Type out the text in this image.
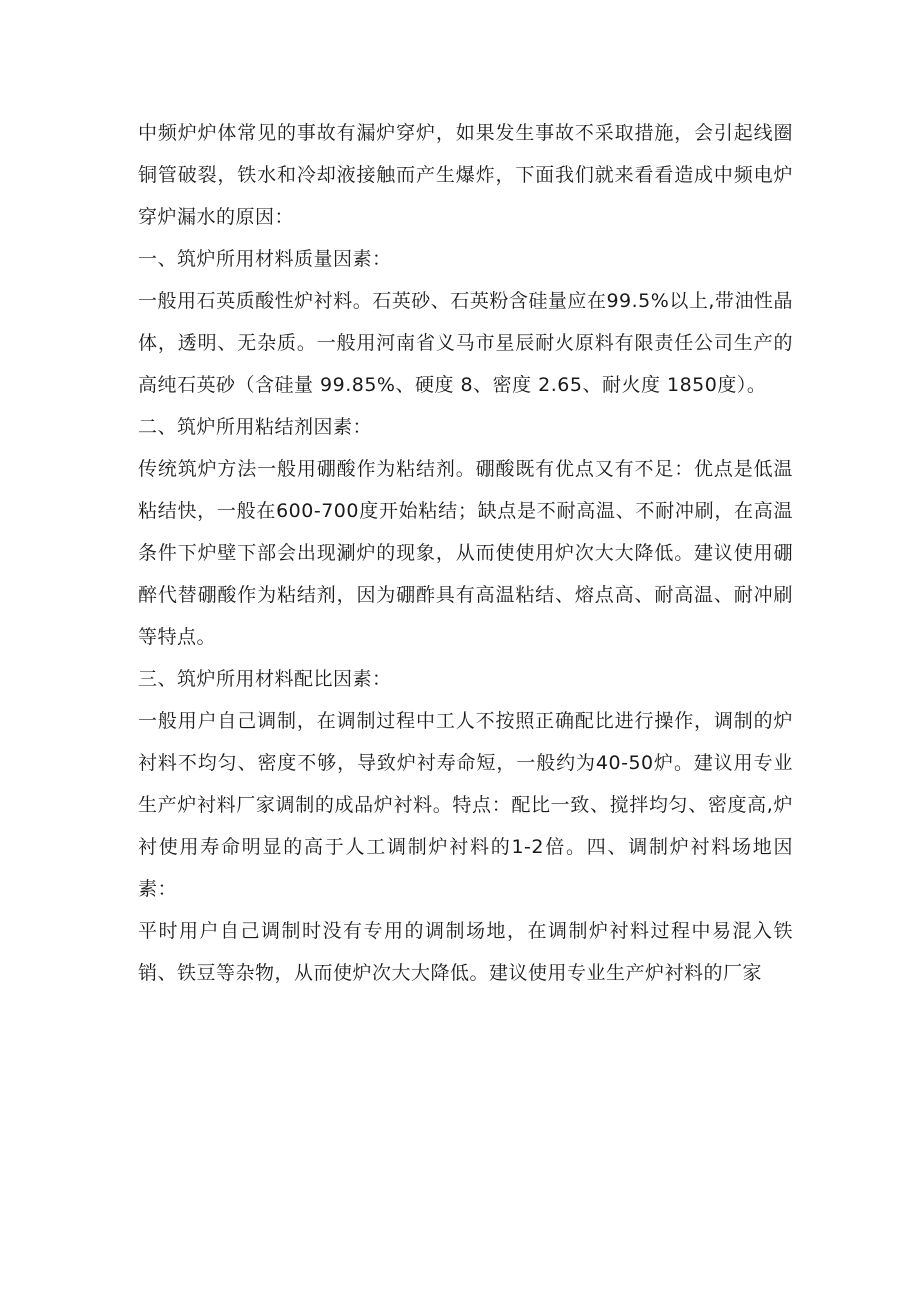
中频炉炉体常见的事故有漏炉穿炉，如果发生事故不采取措施，会引起线圈铜管破裂，铁水和冷却液接触而产生爆炸，下面我们就来看看造成中频电炉穿炉漏水的原因：

一、筑炉所用材料质量因素：

一般用石英质酸性炉衬料。石英砂、石英粉含硅量应在99.5%以上,带油性晶体，透明、无杂质。一般用河南省义马市星辰耐火原料有限责任公司生产的高纯石英砂（含硅量 99.85%、硬度 8、密度 2.65、耐火度 1850度）。

二、筑炉所用粘结剂因素：

传统筑炉方法一般用硼酸作为粘结剂。硼酸既有优点又有不足：优点是低温粘结快，一般在600-700度开始粘结；缺点是不耐高温、不耐冲刷，在高温条件下炉壁下部会出现涮炉的现象，从而使使用炉次大大降低。建议使用硼醉代替硼酸作为粘结剂，因为硼酢具有高温粘结、熔点高、耐高温、耐冲刷等特点。

三、筑炉所用材料配比因素：

一般用户自己调制，在调制过程中工人不按照正确配比进行操作，调制的炉衬料不均匀、密度不够，导致炉衬寿命短，一般约为40-50炉。建议用专业生产炉衬料厂家调制的成品炉衬料。特点：配比一致、搅拌均匀、密度高,炉衬使用寿命明显的高于人工调制炉衬料的1-2倍。四、调制炉衬料场地因素：

平时用户自己调制时没有专用的调制场地，在调制炉衬料过程中易混入铁销、铁豆等杂物，从而使炉次大大降低。建议使用专业生产炉衬料的厂家
